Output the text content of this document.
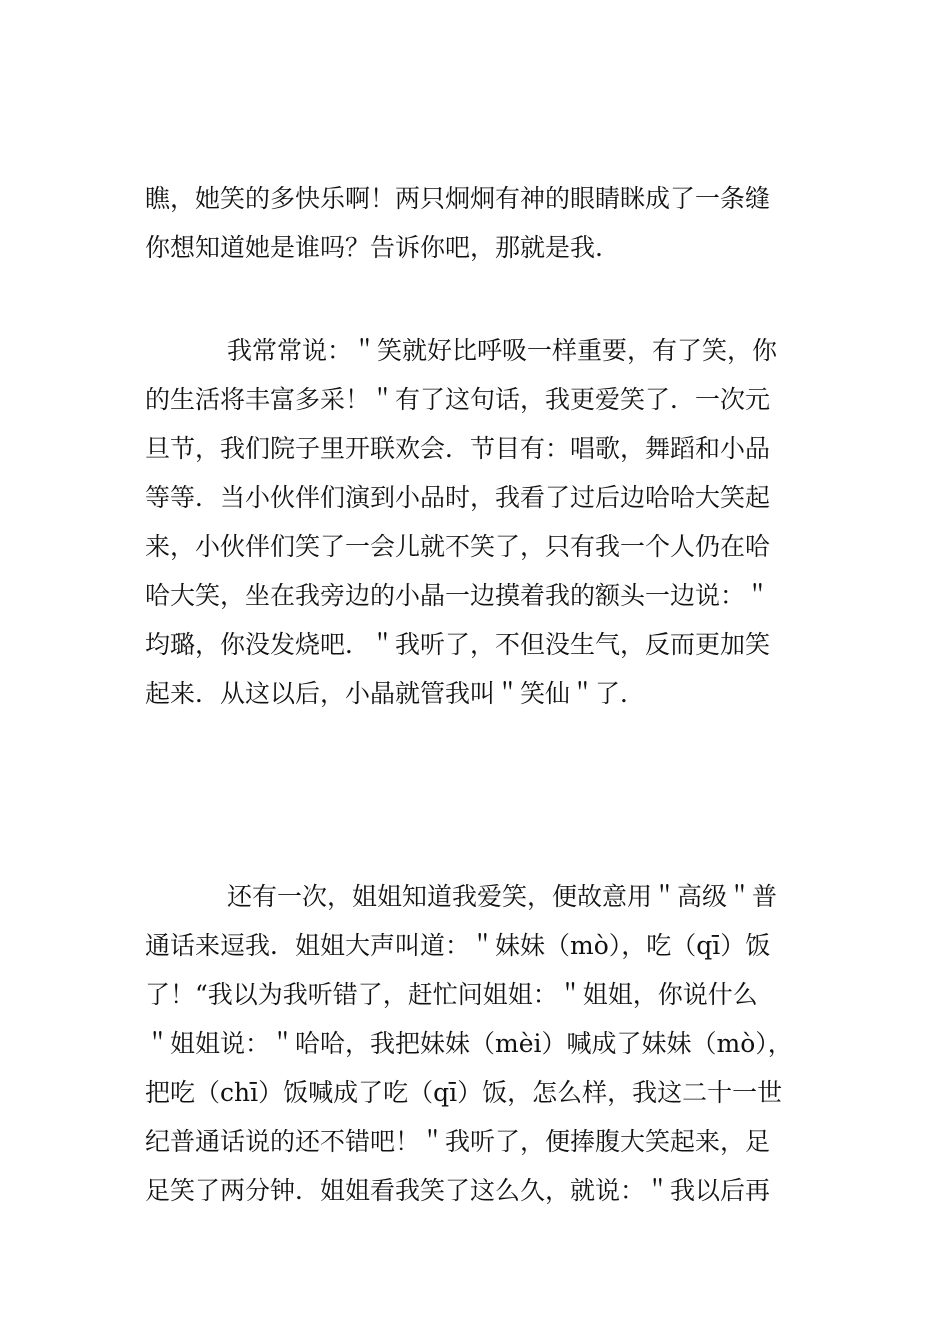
瞧，她笑的多快乐啊！两只炯炯有神的眼睛眯成了一条缝
你想知道她是谁吗？告诉你吧，那就是我.
我常常说：＂笑就好比呼吸一样重要，有了笑，你
的生活将丰富多采！＂有了这句话，我更爱笑了．一次元
旦节，我们院子里开联欢会．节目有：唱歌，舞蹈和小品
等等．当小伙伴们演到小品时，我看了过后边哈哈大笑起
来，小伙伴们笑了一会儿就不笑了，只有我一个人仍在哈
哈大笑，坐在我旁边的小晶一边摸着我的额头一边说：＂
均璐，你没发烧吧．＂我听了，不但没生气，反而更加笑
起来．从这以后，小晶就管我叫＂笑仙＂了．
还有一次，姐姐知道我爱笑，便故意用＂高级＂普
通话来逗我．姐姐大声叫道：＂妹妹（mò），吃（qī）饭
了！“我以为我听错了，赶忙问姐姐：＂姐姐，你说什么
＂姐姐说：＂哈哈，我把妹妹（mèi）喊成了妹妹（mò），
把吃（chī）饭喊成了吃（qī）饭，怎么样，我这二十一世
纪普通话说的还不错吧！＂我听了，便捧腹大笑起来，足
足笑了两分钟．姐姐看我笑了这么久，就说：＂我以后再
